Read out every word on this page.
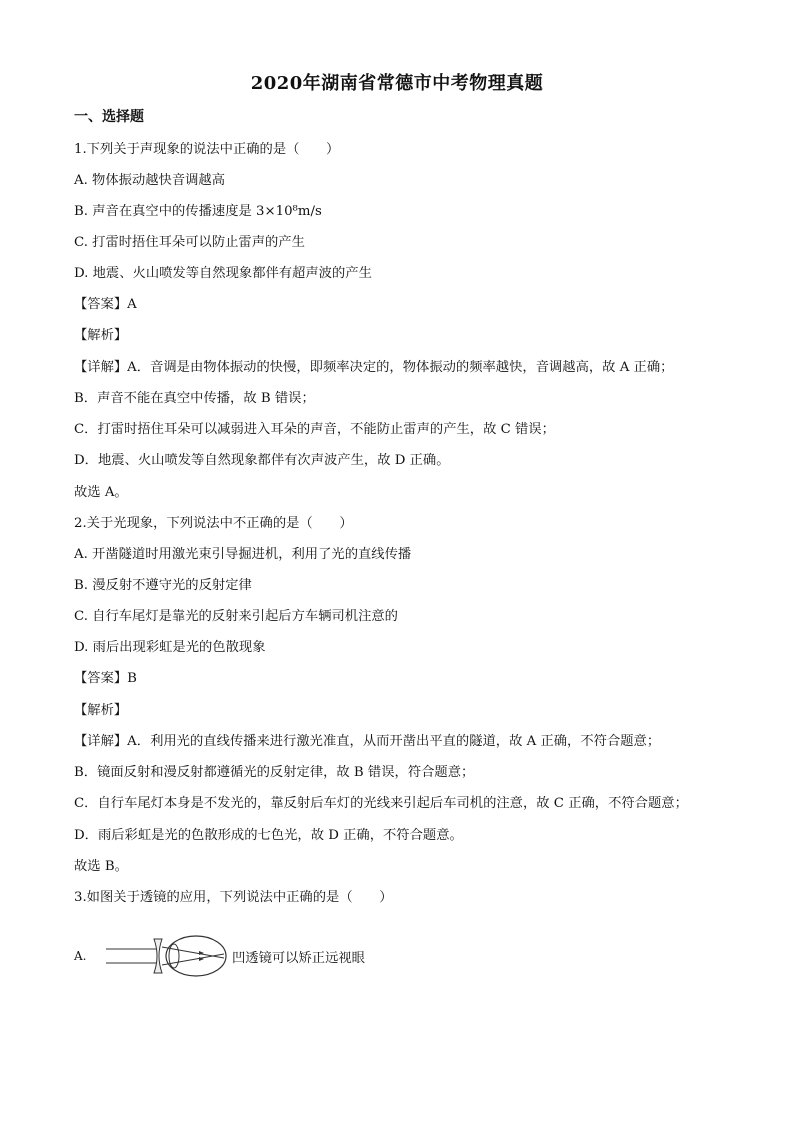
2020年湖南省常德市中考物理真题
一、选择题
1.下列关于声现象的说法中正确的是（　　）
A. 物体振动越快音调越高
B. 声音在真空中的传播速度是 3×10⁸m/s
C. 打雷时捂住耳朵可以防止雷声的产生
D. 地震、火山喷发等自然现象都伴有超声波的产生
【答案】A
【解析】
【详解】A．音调是由物体振动的快慢，即频率决定的，物体振动的频率越快，音调越高，故 A 正确；
B．声音不能在真空中传播，故 B 错误；
C．打雷时捂住耳朵可以减弱进入耳朵的声音，不能防止雷声的产生，故 C 错误；
D．地震、火山喷发等自然现象都伴有次声波产生，故 D 正确。
故选 A。
2.关于光现象，下列说法中不正确的是（　　）
A. 开凿隧道时用激光束引导掘进机，利用了光的直线传播
B. 漫反射不遵守光的反射定律
C. 自行车尾灯是靠光的反射来引起后方车辆司机注意的
D. 雨后出现彩虹是光的色散现象
【答案】B
【解析】
【详解】A．利用光的直线传播来进行激光准直，从而开凿出平直的隧道，故 A 正确，不符合题意；
B．镜面反射和漫反射都遵循光的反射定律，故 B 错误，符合题意；
C．自行车尾灯本身是不发光的，靠反射后车灯的光线来引起后车司机的注意，故 C 正确，不符合题意；
D．雨后彩虹是光的色散形成的七色光，故 D 正确，不符合题意。
故选 B。
3.如图关于透镜的应用，下列说法中正确的是（　　）
A.	凹透镜可以矫正远视眼
